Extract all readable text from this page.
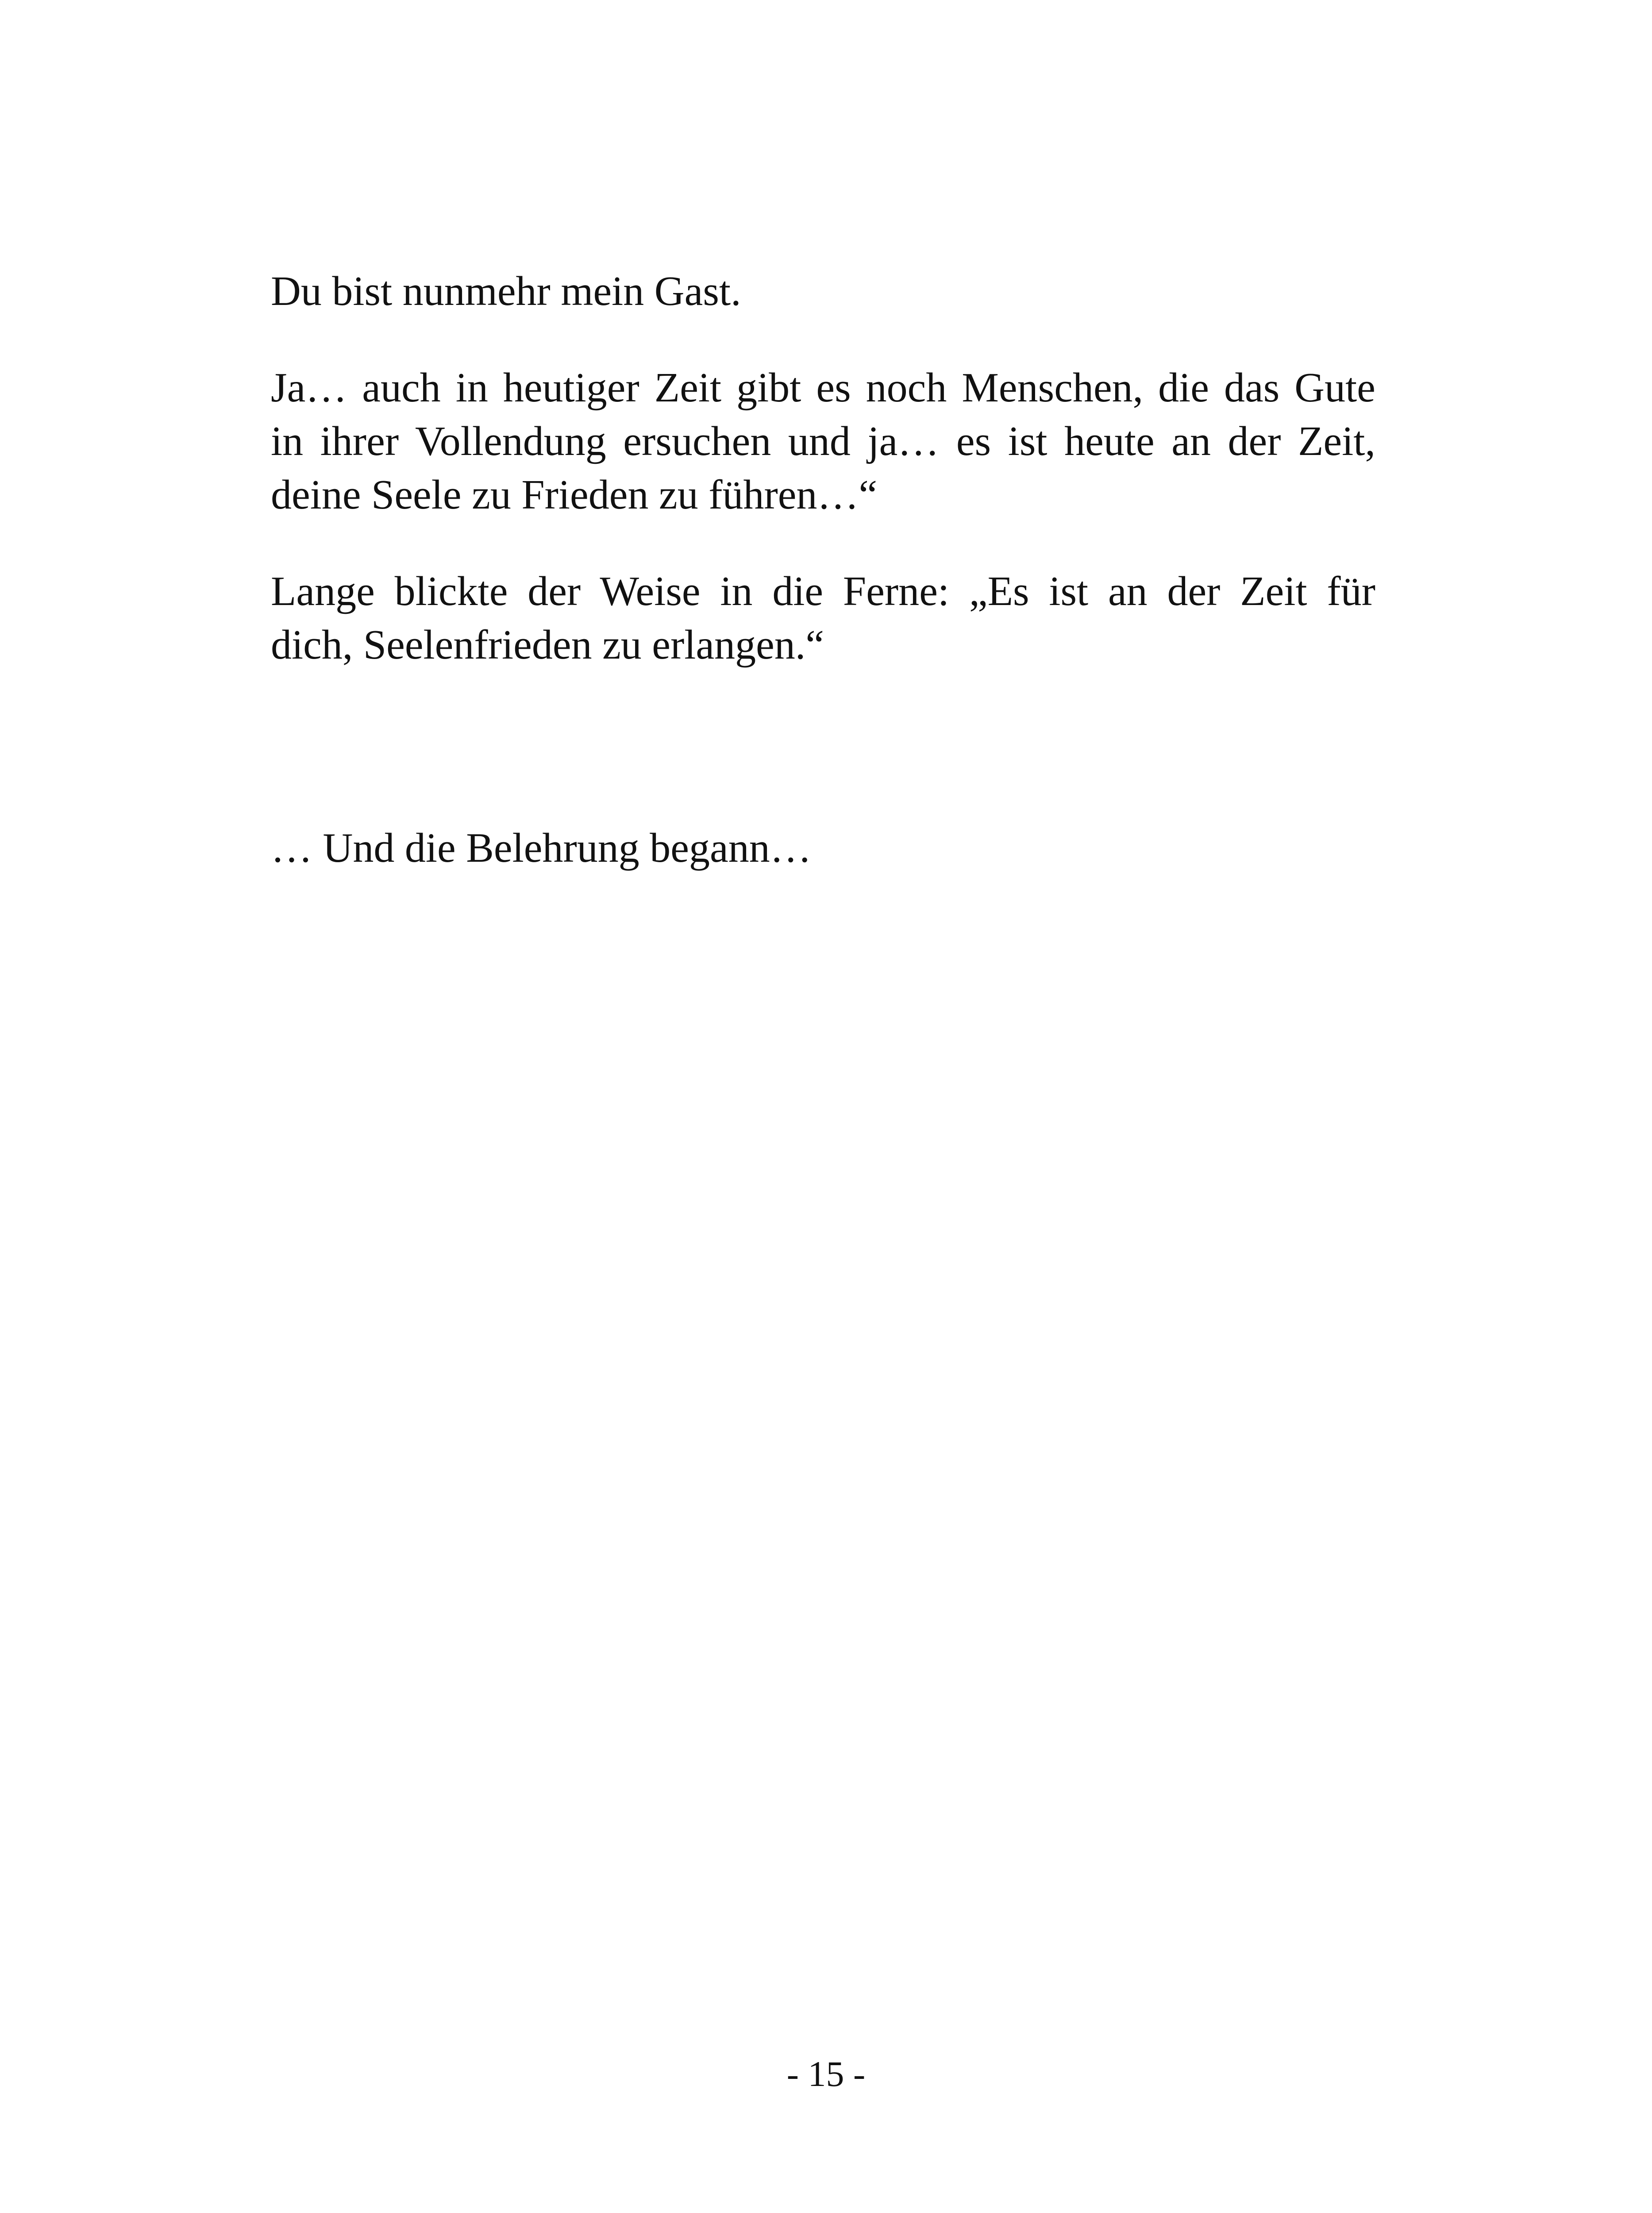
Du bist nunmehr mein Gast.

Ja… auch in heutiger Zeit gibt es noch Menschen, die das Gute
in ihrer Vollendung ersuchen und ja… es ist heute an der Zeit,
deine Seele zu Frieden zu führen…“

Lange blickte der Weise in die Ferne: „Es ist an der Zeit für
dich, Seelenfrieden zu erlangen.“

… Und die Belehrung begann…

- 15 -
